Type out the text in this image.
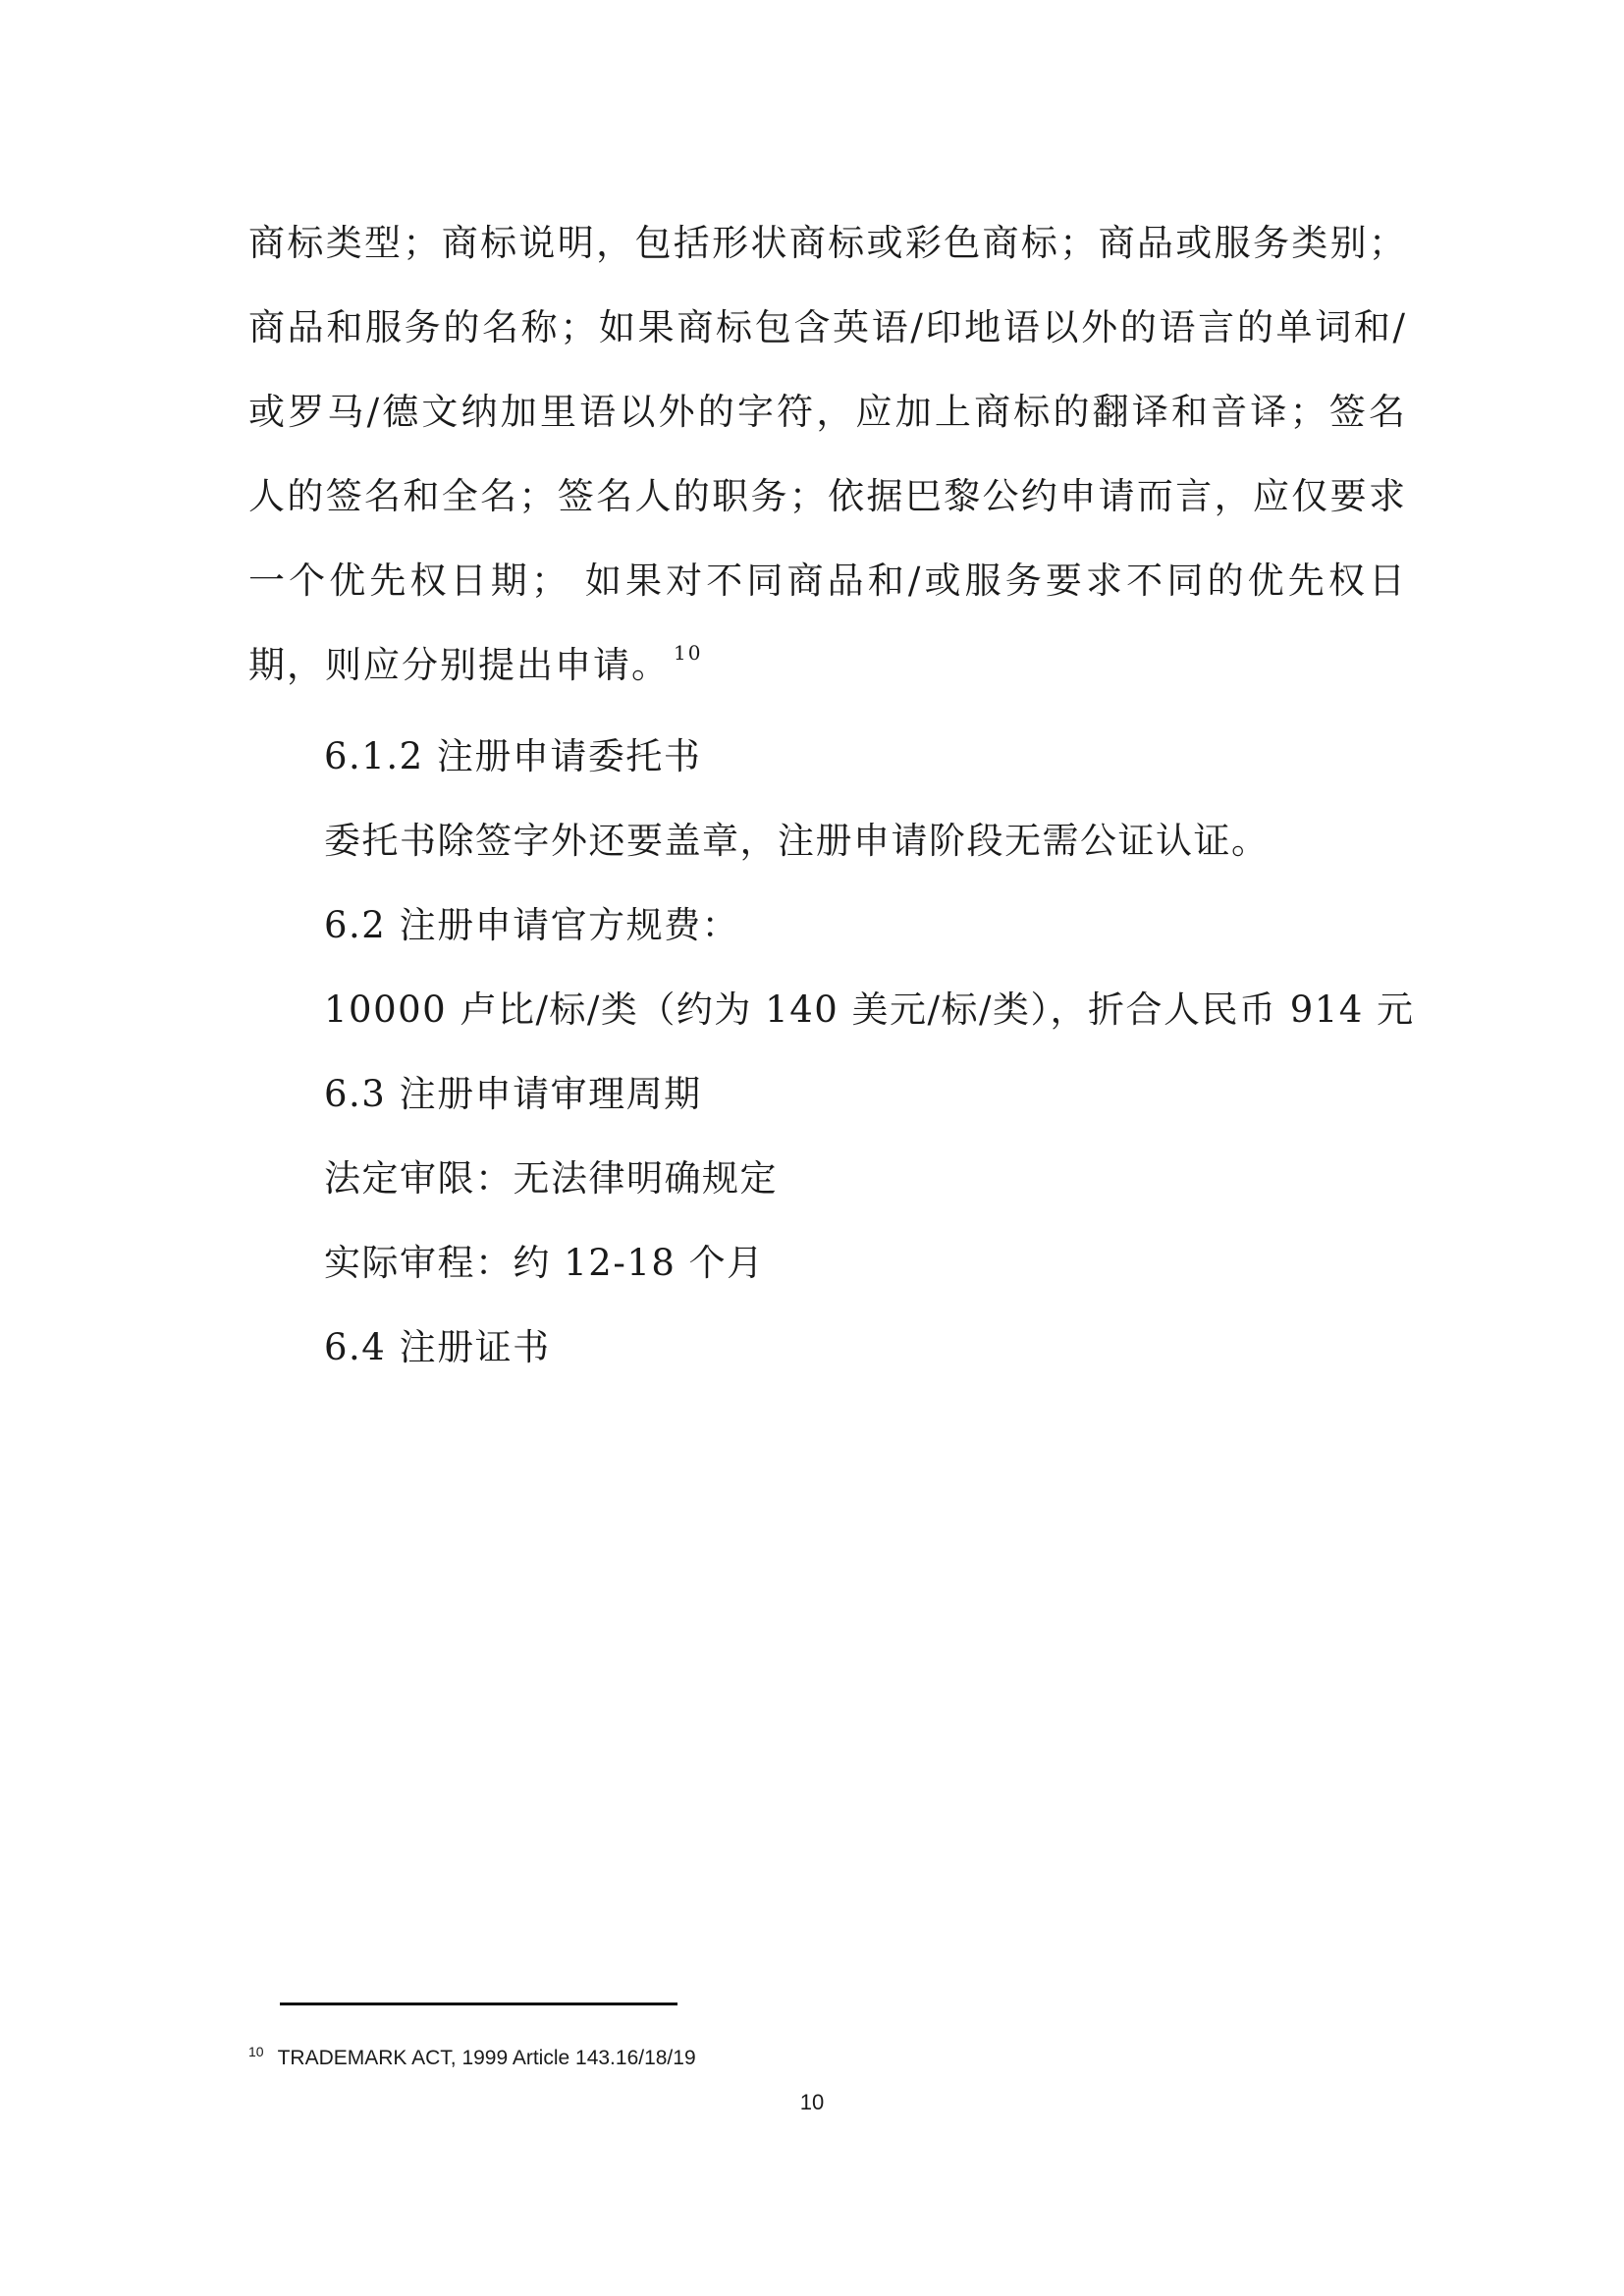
商标类型；商标说明，包括形状商标或彩色商标；商品或服务类别；商品和服务的名称；如果商标包含英语/印地语以外的语言的单词和/或罗马/德文纳加里语以外的字符，应加上商标的翻译和音译；签名人的签名和全名；签名人的职务；依据巴黎公约申请而言，应仅要求一个优先权日期； 如果对不同商品和/或服务要求不同的优先权日期，则应分别提出申请。 $^{10}$

6.1.2 注册申请委托书

委托书除签字外还要盖章，注册申请阶段无需公证认证。

6.2 注册申请官方规费：

10000 卢比/标/类（约为 140 美元/标/类），折合人民币 914 元

6.3 注册申请审理周期

法定审限：无法律明确规定

实际审程：约 12-18 个月

6.4 注册证书

$^{10}$ TRADEMARK ACT, 1999 Article 143.16/18/19
10
